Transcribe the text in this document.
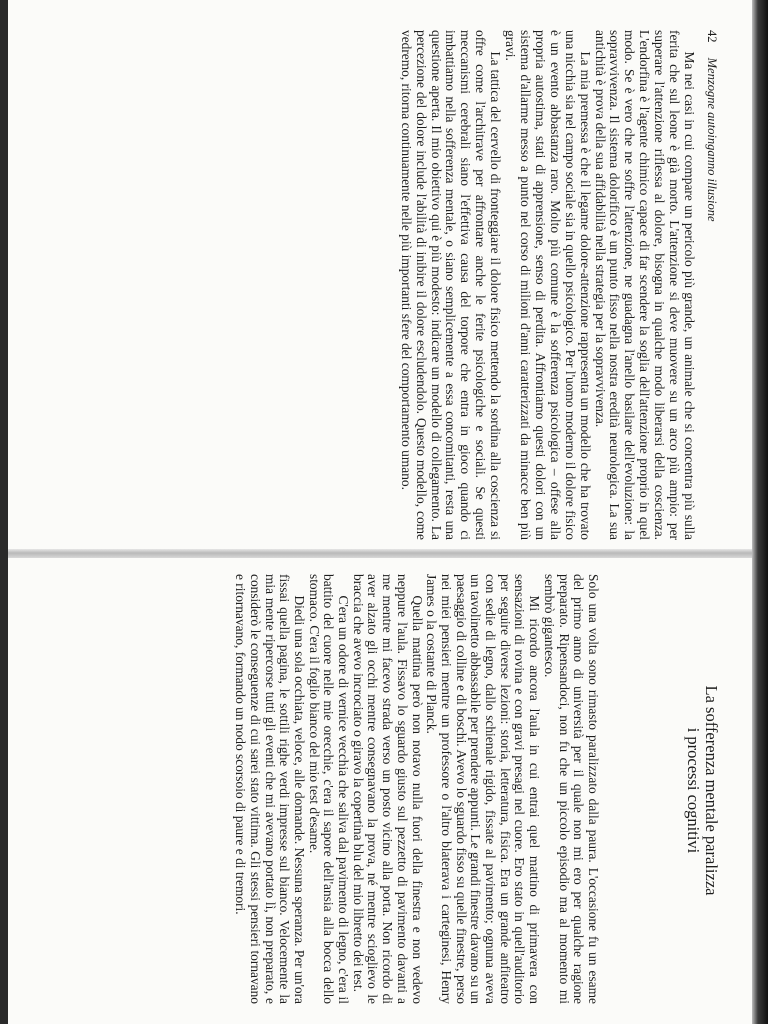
42 Menzogne autoinganno illusione

Ma nei casi in cui compare un pericolo più grande, un animale che si concentra più sulla ferita che sul leone è già morto. L'attenzione si deve muovere su un arco più ampio: per superare l'attenzione riflessa al dolore, bisogna in qualche modo liberarsi della coscienza. L'endorfina è l'agente chimico capace di far scendere la soglia dell'attenzione proprio in quel modo. Se è vero che ne soffre l'attenzione, ne guadagna l'anello basilare dell'evoluzione: la sopravvivenza. Il sistema dolorifico è un punto fisso nella nostra eredità neurologica. La sua antichità è prova della sua affidabilità nella strategia per la sopravvivenza.

La mia premessa è che il legame dolore-attenzione rappresenta un modello che ha trovato una nicchia sia nel campo sociale sia in quello psicologico. Per l'uomo moderno il dolore fisico è un evento abbastanza raro. Molto più comune è la sofferenza psicologica – offese alla propria autostima, stati di apprensione, senso di perdita. Affrontiamo questi dolori con un sistema d'allarme messo a punto nel corso di milioni d'anni caratterizzati da minacce ben più gravi.

La tattica del cervello di fronteggiare il dolore fisico mettendo la sordina alla coscienza si offre come l'architrave per affrontare anche le ferite psicologiche e sociali. Se questi meccanismi cerebrali siano l'effettiva causa del torpore che entra in gioco quando ci imbattiamo nella sofferenza mentale, o siano semplicemente a essa concomitanti, resta una questione aperta. Il mio obiettivo qui è più modesto: indicare un modello di collegamento. La percezione del dolore include l'abilità di inibire il dolore escludendolo. Questo modello, come vedremo, ritorna continuamente nelle più importanti sfere del comportamento umano.

La sofferenza mentale paralizza
i processi cognitivi

Solo una volta sono rimasto paralizzato dalla paura. L'occasione fu un esame del primo anno di università per il quale non mi ero per qualche ragione preparato. Ripensandoci, non fu che un piccolo episodio ma al momento mi sembrò gigantesco.

Mi ricordo ancora l'aula in cui entrai quel mattino di primavera con sensazioni di rovina e con gravi presagi nel cuore. Ero stato in quell'auditorio per seguire diverse lezioni: storia, letteratura, fisica. Era un grande anfiteatro con sedie di legno, dallo schienale rigido, fissate al pavimento; ognuna aveva un tavolinetto abbassabile per prendere appunti. Le grandi finestre davano su un paesaggio di colline e di boschi. Avevo lo sguardo fisso su quelle finestre, perso nei miei pensieri mentre un professore o l'altro blaterava i carteginesi, Henry James o la costante di Planck.

Quella mattina però non notavo nulla fuori della finestra e non vedevo neppure l'aula. Fissavo lo sguardo giusto sul pezzetto di pavimento davanti a me mentre mi facevo strada verso un posto vicino alla porta. Non ricordo di aver alzato gli occhi mentre consegnavano la prova, né mentre scioglievo le braccia che avevo incrociato o giravo la copertina blu del mio libretto dei test.

C'era un odore di vernice vecchia che saliva dal pavimento di legno, c'era il battito del cuore nelle mie orecchie, c'era il sapore dell'ansia alla bocca dello stomaco. C'era il foglio bianco del mio test d'esame.

Diedi una sola occhiata, veloce, alle domande. Nessuna speranza. Per un'ora fissai quella pagina, le sottili righe verdi impresse sul bianco. Velocemente la mia mente ripercorse tutti gli eventi che mi avevano portato lì, non preparato, e considerò le conseguenze di cui sarei stato vittima. Gli stessi pensieri tornavano e ritornavano, formando un nodo scorsoio di paure e di tremori.
